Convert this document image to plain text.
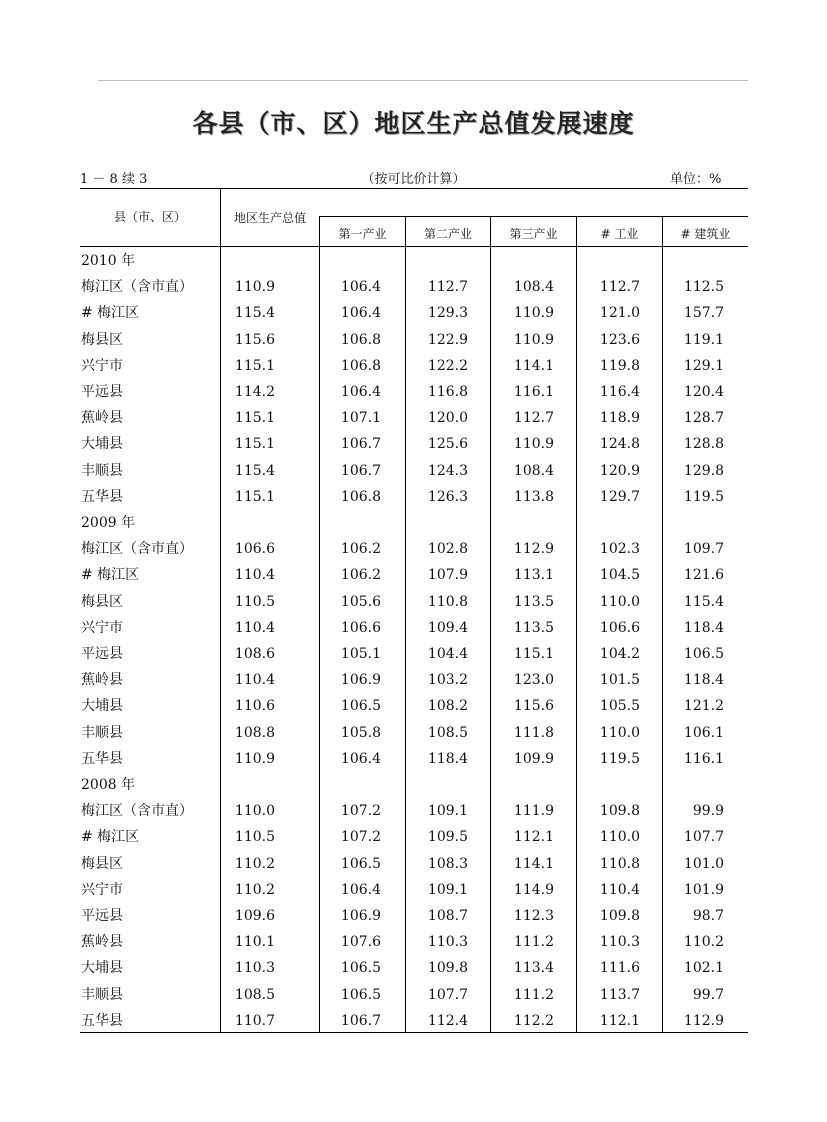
各县（市、区）地区生产总值发展速度
1 － 8 续 3	（按可比价计算）	单位：%
县（市、区）	地区生产总值
第一产业	第二产业	第三产业	# 工业	# 建筑业
2010 年
梅江区（含市直）	110.9	106.4	112.7	108.4	112.7	112.5
# 梅江区	115.4	106.4	129.3	110.9	121.0	157.7
梅县区	115.6	106.8	122.9	110.9	123.6	119.1
兴宁市	115.1	106.8	122.2	114.1	119.8	129.1
平远县	114.2	106.4	116.8	116.1	116.4	120.4
蕉岭县	115.1	107.1	120.0	112.7	118.9	128.7
大埔县	115.1	106.7	125.6	110.9	124.8	128.8
丰顺县	115.4	106.7	124.3	108.4	120.9	129.8
五华县	115.1	106.8	126.3	113.8	129.7	119.5
2009 年
梅江区（含市直）	106.6	106.2	102.8	112.9	102.3	109.7
# 梅江区	110.4	106.2	107.9	113.1	104.5	121.6
梅县区	110.5	105.6	110.8	113.5	110.0	115.4
兴宁市	110.4	106.6	109.4	113.5	106.6	118.4
平远县	108.6	105.1	104.4	115.1	104.2	106.5
蕉岭县	110.4	106.9	103.2	123.0	101.5	118.4
大埔县	110.6	106.5	108.2	115.6	105.5	121.2
丰顺县	108.8	105.8	108.5	111.8	110.0	106.1
五华县	110.9	106.4	118.4	109.9	119.5	116.1
2008 年
梅江区（含市直）	110.0	107.2	109.1	111.9	109.8	99.9
# 梅江区	110.5	107.2	109.5	112.1	110.0	107.7
梅县区	110.2	106.5	108.3	114.1	110.8	101.0
兴宁市	110.2	106.4	109.1	114.9	110.4	101.9
平远县	109.6	106.9	108.7	112.3	109.8	98.7
蕉岭县	110.1	107.6	110.3	111.2	110.3	110.2
大埔县	110.3	106.5	109.8	113.4	111.6	102.1
丰顺县	108.5	106.5	107.7	111.2	113.7	99.7
五华县	110.7	106.7	112.4	112.2	112.1	112.9
